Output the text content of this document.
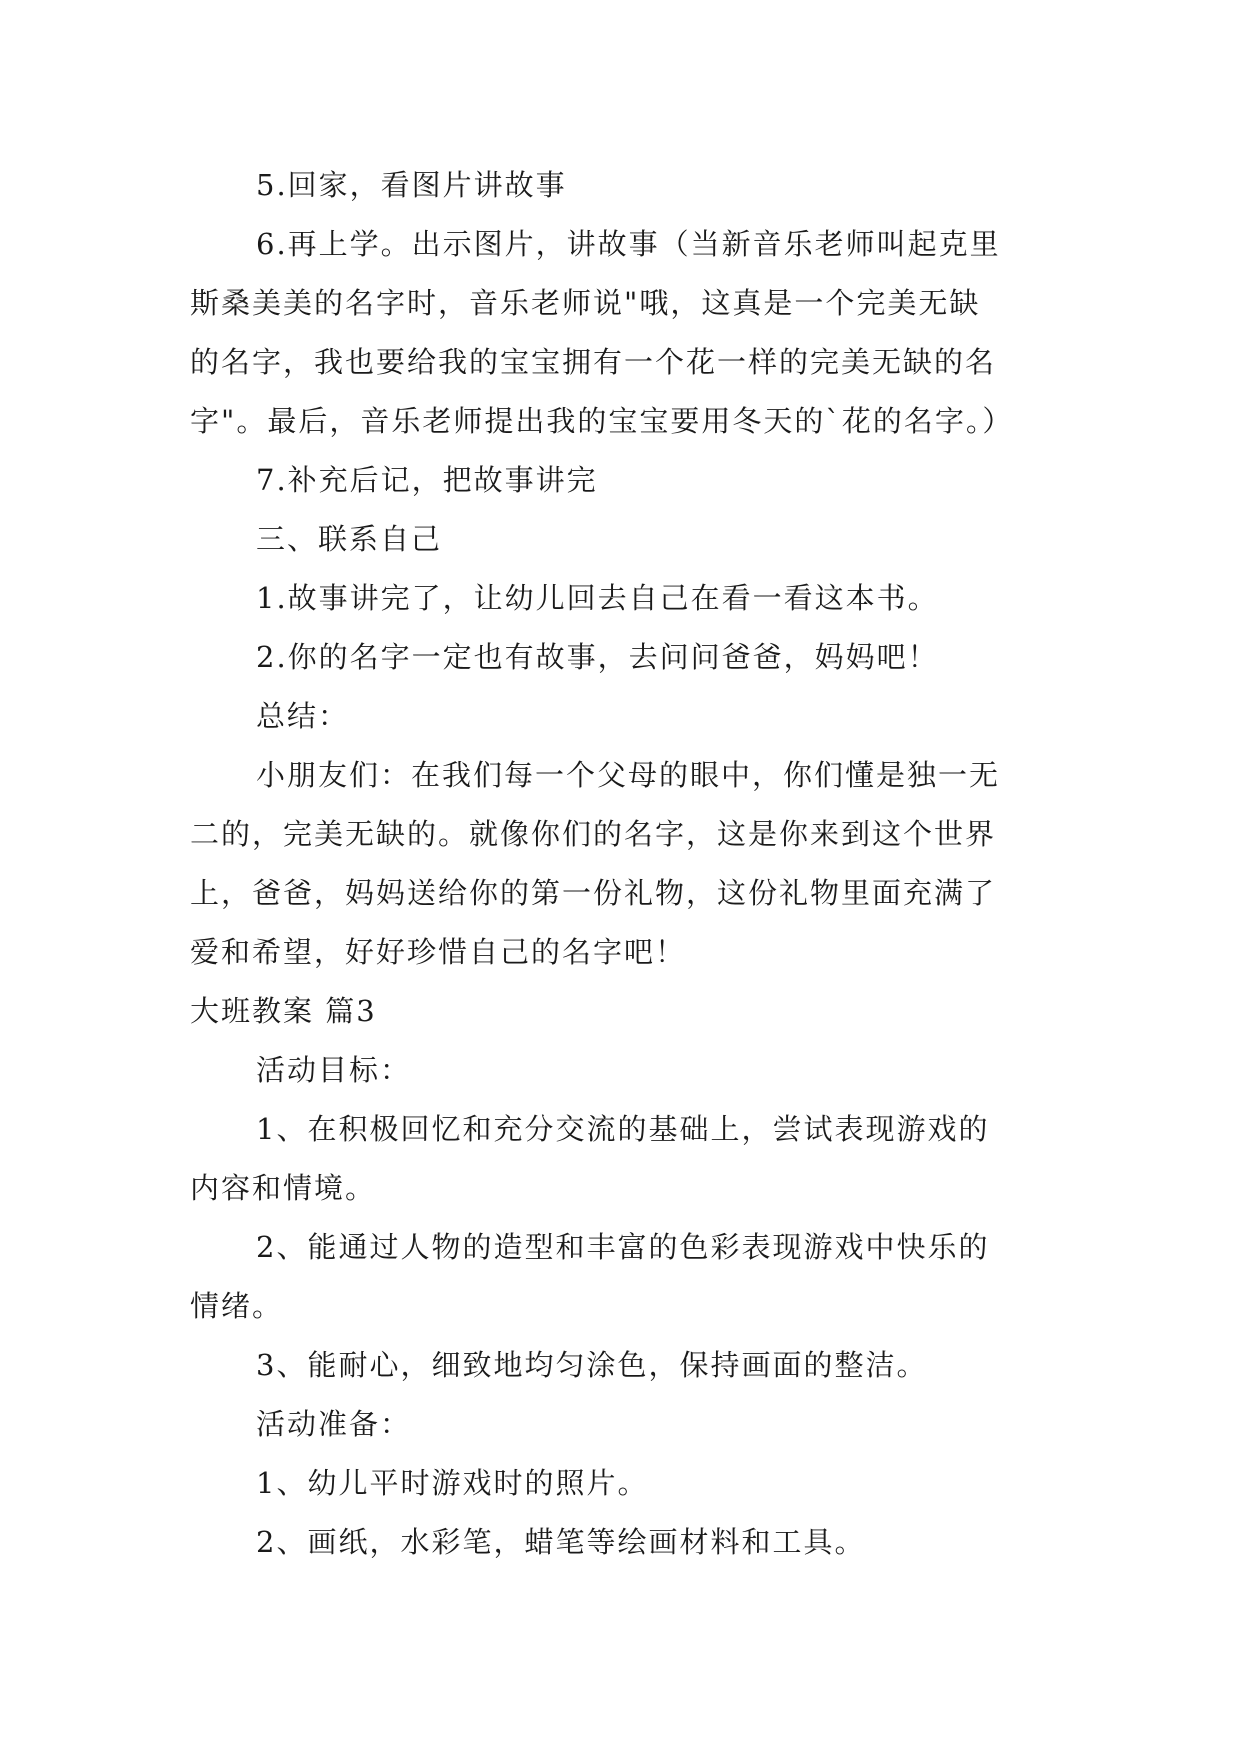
5.回家，看图片讲故事
6.再上学。出示图片，讲故事（当新音乐老师叫起克里
斯桑美美的名字时，音乐老师说"哦，这真是一个完美无缺
的名字，我也要给我的宝宝拥有一个花一样的完美无缺的名
字"。最后，音乐老师提出我的宝宝要用冬天的`花的名字。）
7.补充后记，把故事讲完
三、联系自己
1.故事讲完了，让幼儿回去自己在看一看这本书。
2.你的名字一定也有故事，去问问爸爸，妈妈吧！
总结：
小朋友们：在我们每一个父母的眼中，你们懂是独一无
二的，完美无缺的。就像你们的名字，这是你来到这个世界
上，爸爸，妈妈送给你的第一份礼物，这份礼物里面充满了
爱和希望，好好珍惜自己的名字吧！
大班教案 篇3
活动目标：
1、在积极回忆和充分交流的基础上，尝试表现游戏的
内容和情境。
2、能通过人物的造型和丰富的色彩表现游戏中快乐的
情绪。
3、能耐心，细致地均匀涂色，保持画面的整洁。
活动准备：
1、幼儿平时游戏时的照片。
2、画纸，水彩笔，蜡笔等绘画材料和工具。
